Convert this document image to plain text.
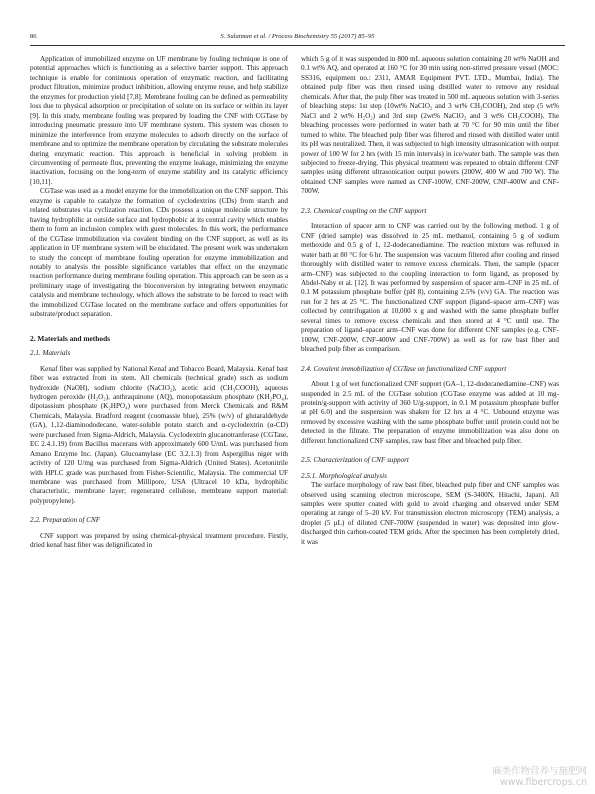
86	S. Sulaiman et al. / Process Biochemistry 55 (2017) 85–95

Application of immobilized enzyme on UF membrane by fouling technique is one of potential approaches which is functioning as a selective barrier support. This approach technique is enable for continuous operation of enzymatic reaction, and facilitating product filtration, minimize product inhibition, allowing enzyme reuse, and help stabilize the enzymes for production yield [7,8]. Membrane fouling can be defined as permeability loss due to physical adsorption or precipitation of solute on its surface or within its layer [9]. In this study, membrane fouling was prepared by loading the CNF with CGTase by introducing pneumatic pressure into UF membrane system. This system was chosen to minimize the interference from enzyme molecules to adsorb directly on the surface of membrane and to optimize the membrane operation by circulating the substrate molecules during enzymatic reaction. This approach is beneficial in solving problem in circumventing of permeate flux, preventing the enzyme leakage, minimizing the enzyme inactivation, focusing on the long-term of enzyme stability and its catalytic efficiency [10,11].

CGTase was used as a model enzyme for the immobilization on the CNF support. This enzyme is capable to catalyze the formation of cyclodextrins (CDs) from starch and related substrates via cyclization reaction. CDs possess a unique molecule structure by having hydrophilic at outside surface and hydrophobic at its central cavity which enables them to form an inclusion complex with guest molecules. In this work, the performance of the CGTase immobilization via covalent binding on the CNF support, as well as its application in UF membrane system will be elucidated. The present work was undertaken to study the concept of membrane fouling operation for enzyme immobilization and notably to analysis the possible significance variables that effect on the enzymatic reaction performance during membrane fouling operation. This approach can be seen as a preliminary stage of investigating the bioconversion by integrating between enzymatic catalysis and membrane technology, which allows the substrate to be forced to react with the immobilized CGTase located on the membrane surface and offers opportunities for substrate/product separation.

2. Materials and methods
2.1. Materials

Kenaf fiber was supplied by National Kenaf and Tobacco Board, Malaysia. Kenaf bast fiber was extracted from its stem. All chemicals (technical grade) such as sodium hydroxide (NaOH), sodium chlorite (NaClO₂), acetic acid (CH₃COOH), aqueous hydrogen peroxide (H₂O₂), anthraquinone (AQ), monopotassium phosphate (KH₂PO₄), dipotassium phosphate (K₂HPO₄) were purchased from Merck Chemicals and R&M Chemicals, Malaysia. Bradford reagent (coomassie blue), 25% (w/v) of glutaraldehyde (GA), 1,12-diaminododecane, water-soluble potato starch and α-cyclodextrin (α-CD) were purchased from Sigma-Aldrich, Malaysia. Cyclodextrin glucanotranferase (CGTase, EC 2.4.1.19) from Bacillus macerans with approximately 600 U/mL was purchased from Amano Enzyme Inc. (Japan). Glucoamylase (EC 3.2.1.3) from Aspergillus niger with activity of 120 U/mg was purchased from Sigma-Aldrich (United States). Acetonitrile with HPLC grade was purchased from Fisher-Scientific, Malaysia. The commercial UF membrane was purchased from Millipore, USA (Ultracel 10 kDa, hydrophilic characteristic, membrane layer; regenerated cellulose, membrane support material: polypropylene).

2.2. Preparation of CNF

CNF support was prepared by using chemical-physical treatment procedure. Firstly, dried kenaf bast fiber was delignificated in

which 5 g of it was suspended in 800 mL aqueous solution containing 20 wt% NaOH and 0.1 wt% AQ, and operated at 160 °C for 30 min using non-stirred pressure vessel (MOC: SS316, equipment no.: 2311, AMAR Equipment PVT. LTD., Mumbai, India). The obtained pulp fiber was then rinsed using distilled water to remove any residual chemicals. After that, the pulp fiber was treated in 500 mL aqueous solution with 3-series of bleaching steps: 1st step (10wt% NaClO₂ and 3 wt% CH₃COOH), 2nd step (5 wt% NaCl and 2 wt% H₂O₂) and 3rd step (2wt% NaClO₂ and 3 wt% CH₃COOH). The bleaching processes were performed in water bath at 70 °C for 90 min until the fiber turned to white. The bleached pulp fiber was filtered and rinsed with distilled water until its pH was neutralized. Then, it was subjected to high intensity ultrasonication with output power of 100 W for 2 hrs (with 15 min intervals) in ice/water bath. The sample was then subjected to freeze-drying. This physical treatment was repeated to obtain different CNF samples using different ultrasonication output powers (200W, 400 W and 700 W). The obtained CNF samples were named as CNF-100W, CNF-200W, CNF-400W and CNF-700W.

2.3. Chemical coupling on the CNF support

Interaction of spacer arm to CNF was carried out by the following method. 1 g of CNF (dried sample) was dissolved in 25 mL methanol, containing 5 g of sodium methoxide and 0.5 g of 1, 12-dodecanediamine. The reaction mixture was refluxed in water bath at 80 °C for 6 hr. The suspension was vacuum filtered after cooling and rinsed thoroughly with distilled water to remove excess chemicals. Then, the sample (spacer arm–CNF) was subjected to the coupling interaction to form ligand, as proposed by Abdel-Naby et al. [12]. It was performed by suspension of spacer arm–CNF in 25 mL of 0.1 M potassium phosphate buffer (pH 8), containing 2.5% (v/v) GA. The reaction was run for 2 hrs at 25 °C. The functionalized CNF support (ligand–spacer arm–CNF) was collected by centrifugation at 10,000 x g and washed with the same phosphate buffer several times to remove excess chemicals and then stored at 4 °C until use. The preparation of ligand–spacer arm–CNF was done for different CNF samples (e.g. CNF-100W, CNF-200W, CNF-400W and CNF-700W) as well as for raw bast fiber and bleached pulp fiber as comparison.

2.4. Covalent immobilization of CGTase on functionalized CNF support

About 1 g of wet functionalized CNF support (GA–1, 12-dodecanediamine–CNF) was suspended in 2.5 mL of the CGTase solution (CGTase enzyme was added at 10 mg-protein/g-support with activity of 360 U/g-support, in 0.1 M potassium phosphate buffer at pH 6.0) and the suspension was shaken for 12 hrs at 4 °C. Unbound enzyme was removed by excessive washing with the same phosphate buffer until protein could not be detected in the filtrate. The preparation of enzyme immobilization was also done on different functionalized CNF samples, raw bast fiber and bleached pulp fiber.

2.5. Characterization of CNF support
2.5.1. Morphological analysis

The surface morphology of raw bast fiber, bleached pulp fiber and CNF samples was observed using scanning electron microscope, SEM (S-3400N, Hitachi, Japan). All samples were sputter coated with gold to avoid charging and observed under SEM operating at range of 5–20 kV. For transmission electron microscopy (TEM) analysis, a droplet (5 μL) of diluted CNF-700W (suspended in water) was deposited into glow-discharged thin carbon-coated TEM grids. After the specimen has been completely dried, it was

麻类作物营养与施肥网
www.fibercrops.cn
